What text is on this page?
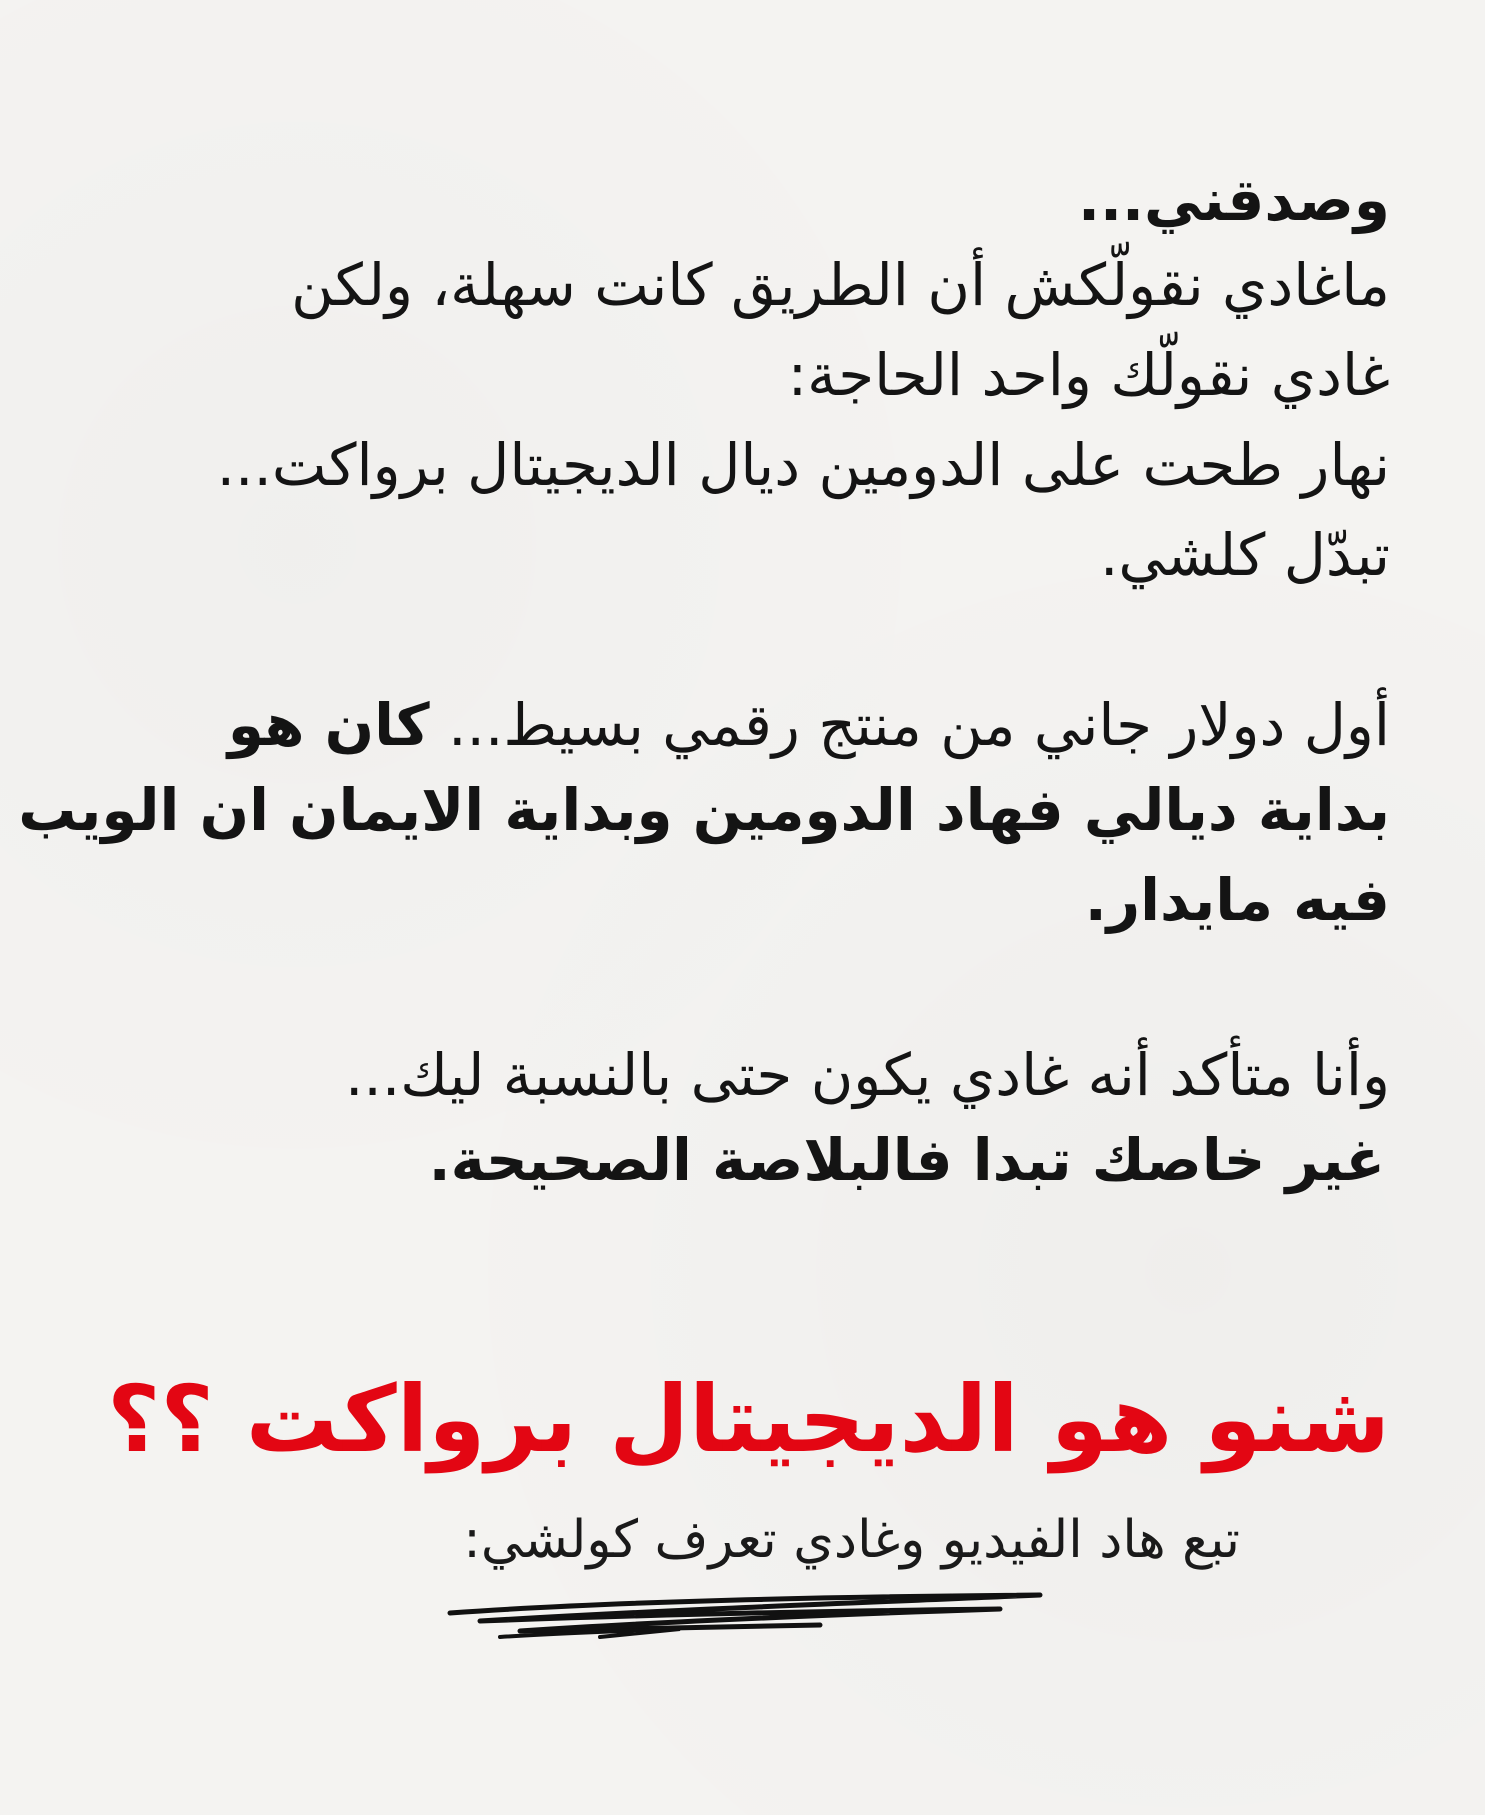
وصدقني...
ماغادي نقولّكش أن الطريق كانت سهلة، ولكن
غادي نقولّك واحد الحاجة:
نهار طحت على الدومين ديال الديجيتال برواكت...
تبدّل كلشي.
أول دولار جاني من منتج رقمي بسيط... كان هو
بداية ديالي فهاد الدومين وبداية الايمان ان الويب
فيه مايدار.
وأنا متأكد أنه غادي يكون حتى بالنسبة ليك...
غير خاصك تبدا فالبلاصة الصحيحة.
شنو هو الديجيتال برواكت ؟؟
تبع هاد الفيديو وغادي تعرف كولشي:
